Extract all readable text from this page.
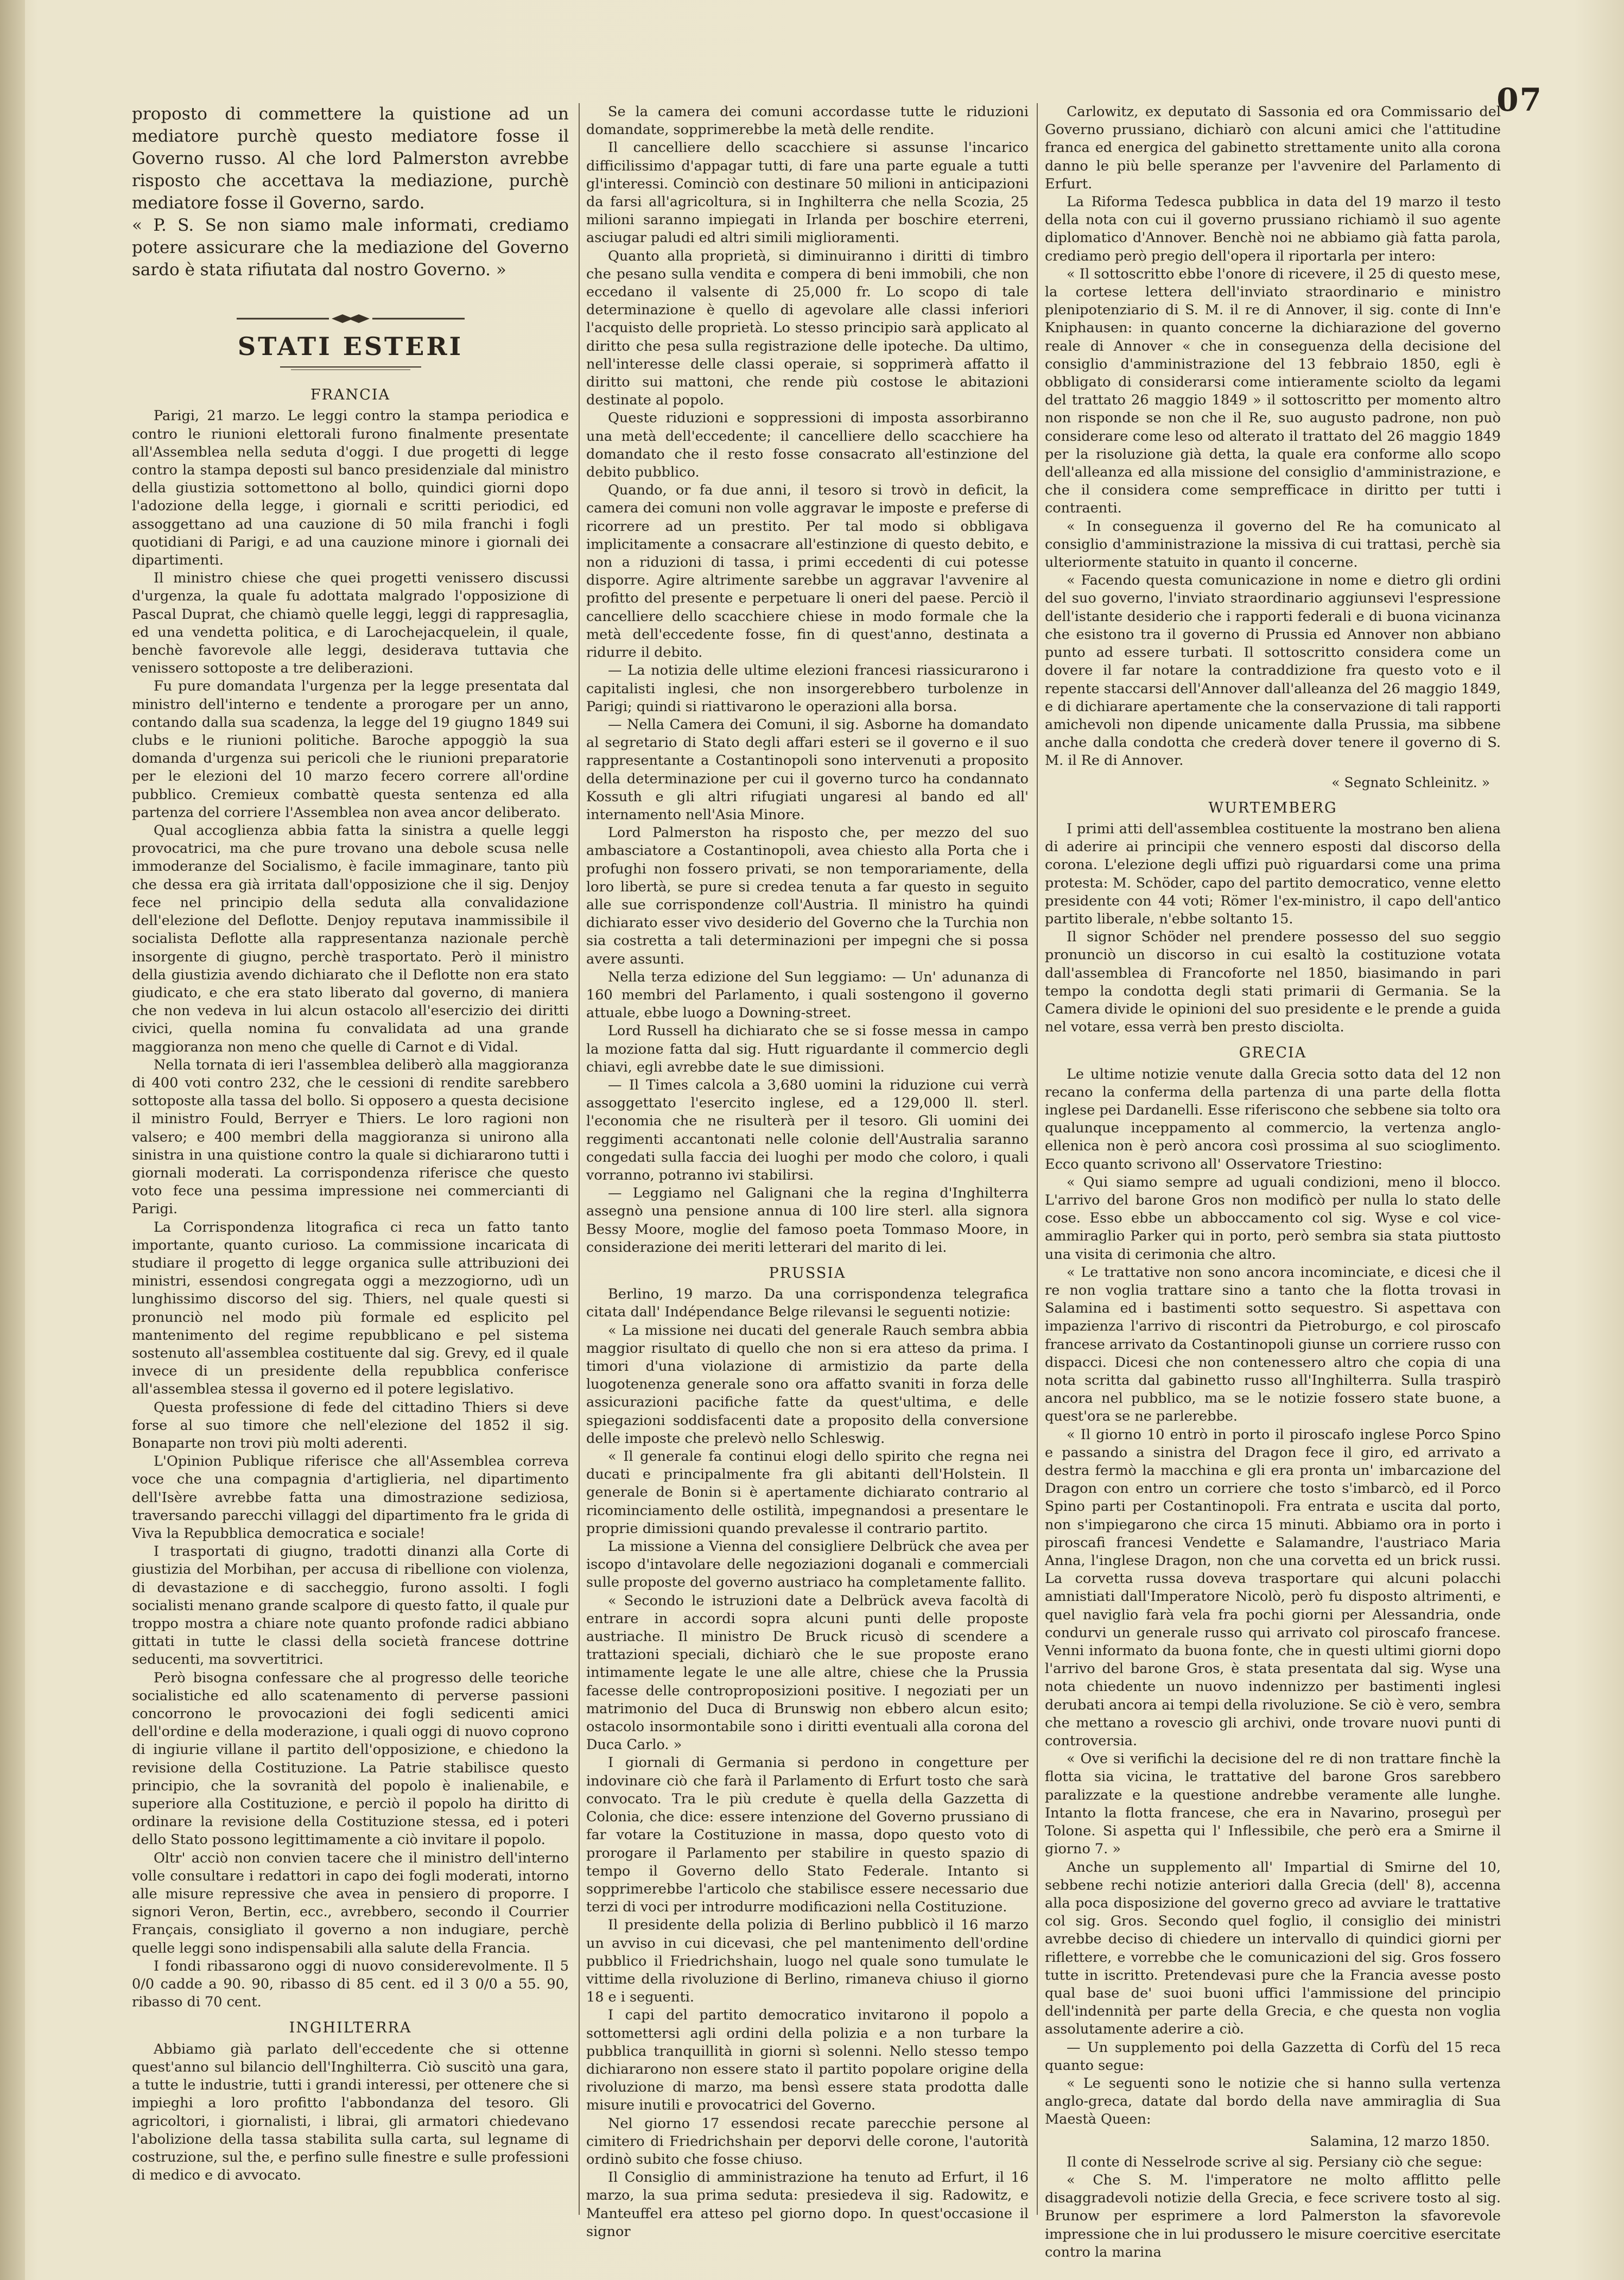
07

proposto di commettere la quistione ad un mediatore purchè questo mediatore fosse il Governo russo. Al che lord Palmerston avrebbe risposto che accettava la mediazione, purchè mediatore fosse il Governo, sardo.

« P. S. Se non siamo male informati, crediamo potere assicurare che la mediazione del Governo sardo è stata rifiutata dal nostro Governo. »

STATI ESTERI
FRANCIA

Parigi, 21 marzo. Le leggi contro la stampa periodica e contro le riunioni elettorali furono finalmente presentate all'Assemblea nella seduta d'oggi. I due progetti di legge contro la stampa deposti sul banco presidenziale dal ministro della giustizia sottomettono al bollo, quindici giorni dopo l'adozione della legge, i giornali e scritti periodici, ed assoggettano ad una cauzione di 50 mila franchi i fogli quotidiani di Parigi, e ad una cauzione minore i giornali dei dipartimenti.

Il ministro chiese che quei progetti venissero discussi d'urgenza, la quale fu adottata malgrado l'opposizione di Pascal Duprat, che chiamò quelle leggi, leggi di rappresaglia, ed una vendetta politica, e di Larochejacquelein, il quale, benchè favorevole alle leggi, desiderava tuttavia che venissero sottoposte a tre deliberazioni.

Fu pure domandata l'urgenza per la legge presentata dal ministro dell'interno e tendente a prorogare per un anno, contando dalla sua scadenza, la legge del 19 giugno 1849 sui clubs e le riunioni politiche. Baroche appoggiò la sua domanda d'urgenza sui pericoli che le riunioni preparatorie per le elezioni del 10 marzo fecero correre all'ordine pubblico. Cremieux combattè questa sentenza ed alla partenza del corriere l'Assemblea non avea ancor deliberato.

Qual accoglienza abbia fatta la sinistra a quelle leggi provocatrici, ma che pure trovano una debole scusa nelle immoderanze del Socialismo, è facile immaginare, tanto più che dessa era già irritata dall'opposizione che il sig. Denjoy fece nel principio della seduta alla convalidazione dell'elezione del Deflotte. Denjoy reputava inammissibile il socialista Deflotte alla rappresentanza nazionale perchè insorgente di giugno, perchè trasportato. Però il ministro della giustizia avendo dichiarato che il Deflotte non era stato giudicato, e che era stato liberato dal governo, di maniera che non vedeva in lui alcun ostacolo all'esercizio dei diritti civici, quella nomina fu convalidata ad una grande maggioranza non meno che quelle di Carnot e di Vidal.

Nella tornata di ieri l'assemblea deliberò alla maggioranza di 400 voti contro 232, che le cessioni di rendite sarebbero sottoposte alla tassa del bollo. Si opposero a questa decisione il ministro Fould, Berryer e Thiers. Le loro ragioni non valsero; e 400 membri della maggioranza si unirono alla sinistra in una quistione contro la quale si dichiararono tutti i giornali moderati. La corrispondenza riferisce che questo voto fece una pessima impressione nei commercianti di Parigi.

La Corrispondenza litografica ci reca un fatto tanto importante, quanto curioso. La commissione incaricata di studiare il progetto di legge organica sulle attribuzioni dei ministri, essendosi congregata oggi a mezzogiorno, udì un lunghissimo discorso del sig. Thiers, nel quale questi si pronunciò nel modo più formale ed esplicito pel mantenimento del regime repubblicano e pel sistema sostenuto all'assemblea costituente dal sig. Grevy, ed il quale invece di un presidente della repubblica conferisce all'assemblea stessa il governo ed il potere legislativo.

Questa professione di fede del cittadino Thiers si deve forse al suo timore che nell'elezione del 1852 il sig. Bonaparte non trovi più molti aderenti.

L'Opinion Publique riferisce che all'Assemblea correva voce che una compagnia d'artiglieria, nel dipartimento dell'Isère avrebbe fatta una dimostrazione sediziosa, traversando parecchi villaggi del dipartimento fra le grida di Viva la Repubblica democratica e sociale!

I trasportati di giugno, tradotti dinanzi alla Corte di giustizia del Morbihan, per accusa di ribellione con violenza, di devastazione e di saccheggio, furono assolti. I fogli socialisti menano grande scalpore di questo fatto, il quale pur troppo mostra a chiare note quanto profonde radici abbiano gittati in tutte le classi della società francese dottrine seducenti, ma sovvertitrici.

Però bisogna confessare che al progresso delle teoriche socialistiche ed allo scatenamento di perverse passioni concorrono le provocazioni dei fogli sedicenti amici dell'ordine e della moderazione, i quali oggi di nuovo coprono di ingiurie villane il partito dell'opposizione, e chiedono la revisione della Costituzione. La Patrie stabilisce questo principio, che la sovranità del popolo è inalienabile, e superiore alla Costituzione, e perciò il popolo ha diritto di ordinare la revisione della Costituzione stessa, ed i poteri dello Stato possono legittimamente a ciò invitare il popolo.

Oltr' acciò non convien tacere che il ministro dell'interno volle consultare i redattori in capo dei fogli moderati, intorno alle misure repressive che avea in pensiero di proporre. I signori Veron, Bertin, ecc., avrebbero, secondo il Courrier Français, consigliato il governo a non indugiare, perchè quelle leggi sono indispensabili alla salute della Francia.

I fondi ribassarono oggi di nuovo considerevolmente. Il 5 0/0 cadde a 90. 90, ribasso di 85 cent. ed il 3 0/0 a 55. 90, ribasso di 70 cent.

INGHILTERRA

Abbiamo già parlato dell'eccedente che si ottenne quest'anno sul bilancio dell'Inghilterra. Ciò suscitò una gara, a tutte le industrie, tutti i grandi interessi, per ottenere che si impieghi a loro profitto l'abbondanza del tesoro. Gli agricoltori, i giornalisti, i librai, gli armatori chiedevano l'abolizione della tassa stabilita sulla carta, sul legname di costruzione, sul the, e perfino sulle finestre e sulle professioni di medico e di avvocato.

Se la camera dei comuni accordasse tutte le riduzioni domandate, sopprimerebbe la metà delle rendite.

Il cancelliere dello scacchiere si assunse l'incarico difficilissimo d'appagar tutti, di fare una parte eguale a tutti gl'interessi. Cominciò con destinare 50 milioni in anticipazioni da farsi all'agricoltura, si in Inghilterra che nella Scozia, 25 milioni saranno impiegati in Irlanda per boschire eterreni, asciugar paludi ed altri simili miglioramenti.

Quanto alla proprietà, si diminuiranno i diritti di timbro che pesano sulla vendita e compera di beni immobili, che non eccedano il valsente di 25,000 fr. Lo scopo di tale determinazione è quello di agevolare alle classi inferiori l'acquisto delle proprietà. Lo stesso principio sarà applicato al diritto che pesa sulla registrazione delle ipoteche. Da ultimo, nell'interesse delle classi operaie, si sopprimerà affatto il diritto sui mattoni, che rende più costose le abitazioni destinate al popolo.

Queste riduzioni e soppressioni di imposta assorbiranno una metà dell'eccedente; il cancelliere dello scacchiere ha domandato che il resto fosse consacrato all'estinzione del debito pubblico.

Quando, or fa due anni, il tesoro si trovò in deficit, la camera dei comuni non volle aggravar le imposte e preferse di ricorrere ad un prestito. Per tal modo si obbligava implicitamente a consacrare all'estinzione di questo debito, e non a riduzioni di tassa, i primi eccedenti di cui potesse disporre. Agire altrimente sarebbe un aggravar l'avvenire al profitto del presente e perpetuare li oneri del paese. Perciò il cancelliere dello scacchiere chiese in modo formale che la metà dell'eccedente fosse, fin di quest'anno, destinata a ridurre il debito.

— La notizia delle ultime elezioni francesi riassicurarono i capitalisti inglesi, che non insorgerebbero turbolenze in Parigi; quindi si riattivarono le operazioni alla borsa.

— Nella Camera dei Comuni, il sig. Asborne ha domandato al segretario di Stato degli affari esteri se il governo e il suo rappresentante a Costantinopoli sono intervenuti a proposito della determinazione per cui il governo turco ha condannato Kossuth e gli altri rifugiati ungaresi al bando ed all' internamento nell'Asia Minore.

Lord Palmerston ha risposto che, per mezzo del suo ambasciatore a Costantinopoli, avea chiesto alla Porta che i profughi non fossero privati, se non temporariamente, della loro libertà, se pure si credea tenuta a far questo in seguito alle sue corrispondenze coll'Austria. Il ministro ha quindi dichiarato esser vivo desiderio del Governo che la Turchia non sia costretta a tali determinazioni per impegni che si possa avere assunti.

Nella terza edizione del Sun leggiamo: — Un' adunanza di 160 membri del Parlamento, i quali sostengono il governo attuale, ebbe luogo a Downing-street.

Lord Russell ha dichiarato che se si fosse messa in campo la mozione fatta dal sig. Hutt riguardante il commercio degli chiavi, egli avrebbe date le sue dimissioni.

— Il Times calcola a 3,680 uomini la riduzione cui verrà assoggettato l'esercito inglese, ed a 129,000 ll. sterl. l'economia che ne risulterà per il tesoro. Gli uomini dei reggimenti accantonati nelle colonie dell'Australia saranno congedati sulla faccia dei luoghi per modo che coloro, i quali vorranno, potranno ivi stabilirsi.

— Leggiamo nel Galignani che la regina d'Inghilterra assegnò una pensione annua di 100 lire sterl. alla signora Bessy Moore, moglie del famoso poeta Tommaso Moore, in considerazione dei meriti letterari del marito di lei.

PRUSSIA

Berlino, 19 marzo. Da una corrispondenza telegrafica citata dall' Indépendance Belge rilevansi le seguenti notizie:

« La missione nei ducati del generale Rauch sembra abbia maggior risultato di quello che non si era atteso da prima. I timori d'una violazione di armistizio da parte della luogotenenza generale sono ora affatto svaniti in forza delle assicurazioni pacifiche fatte da quest'ultima, e delle spiegazioni soddisfacenti date a proposito della conversione delle imposte che prelevò nello Schleswig.

« Il generale fa continui elogi dello spirito che regna nei ducati e principalmente fra gli abitanti dell'Holstein. Il generale de Bonin si è apertamente dichiarato contrario al ricominciamento delle ostilità, impegnandosi a presentare le proprie dimissioni quando prevalesse il contrario partito.

La missione a Vienna del consigliere Delbrück che avea per iscopo d'intavolare delle negoziazioni doganali e commerciali sulle proposte del governo austriaco ha completamente fallito.

« Secondo le istruzioni date a Delbrück aveva facoltà di entrare in accordi sopra alcuni punti delle proposte austriache. Il ministro De Bruck ricusò di scendere a trattazioni speciali, dichiarò che le sue proposte erano intimamente legate le une alle altre, chiese che la Prussia facesse delle controproposizioni positive. I negoziati per un matrimonio del Duca di Brunswig non ebbero alcun esito; ostacolo insormontabile sono i diritti eventuali alla corona del Duca Carlo. »

I giornali di Germania si perdono in congetture per indovinare ciò che farà il Parlamento di Erfurt tosto che sarà convocato. Tra le più credute è quella della Gazzetta di Colonia, che dice: essere intenzione del Governo prussiano di far votare la Costituzione in massa, dopo questo voto di prorogare il Parlamento per stabilire in questo spazio di tempo il Governo dello Stato Federale. Intanto si sopprimerebbe l'articolo che stabilisce essere necessario due terzi di voci per introdurre modificazioni nella Costituzione.

Il presidente della polizia di Berlino pubblicò il 16 marzo un avviso in cui dicevasi, che pel mantenimento dell'ordine pubblico il Friedrichshain, luogo nel quale sono tumulate le vittime della rivoluzione di Berlino, rimaneva chiuso il giorno 18 e i seguenti.

I capi del partito democratico invitarono il popolo a sottomettersi agli ordini della polizia e a non turbare la pubblica tranquillità in giorni sì solenni. Nello stesso tempo dichiararono non essere stato il partito popolare origine della rivoluzione di marzo, ma bensì essere stata prodotta dalle misure inutili e provocatrici del Governo.

Nel giorno 17 essendosi recate parecchie persone al cimitero di Friedrichshain per deporvi delle corone, l'autorità ordinò subito che fosse chiuso.

Il Consiglio di amministrazione ha tenuto ad Erfurt, il 16 marzo, la sua prima seduta: presiedeva il sig. Radowitz, e Manteuffel era atteso pel giorno dopo. In quest'occasione il signor

Carlowitz, ex deputato di Sassonia ed ora Commissario del Governo prussiano, dichiarò con alcuni amici che l'attitudine franca ed energica del gabinetto strettamente unito alla corona danno le più belle speranze per l'avvenire del Parlamento di Erfurt.

La Riforma Tedesca pubblica in data del 19 marzo il testo della nota con cui il governo prussiano richiamò il suo agente diplomatico d'Annover. Benchè noi ne abbiamo già fatta parola, crediamo però pregio dell'opera il riportarla per intero:

« Il sottoscritto ebbe l'onore di ricevere, il 25 di questo mese, la cortese lettera dell'inviato straordinario e ministro plenipotenziario di S. M. il re di Annover, il sig. conte di Inn'e Kniphausen: in quanto concerne la dichiarazione del governo reale di Annover « che in conseguenza della decisione del consiglio d'amministrazione del 13 febbraio 1850, egli è obbligato di considerarsi come intieramente sciolto da legami del trattato 26 maggio 1849 » il sottoscritto per momento altro non risponde se non che il Re, suo augusto padrone, non può considerare come leso od alterato il trattato del 26 maggio 1849 per la risoluzione già detta, la quale era conforme allo scopo dell'alleanza ed alla missione del consiglio d'amministrazione, e che il considera come semprefficace in diritto per tutti i contraenti.

« In conseguenza il governo del Re ha comunicato al consiglio d'amministrazione la missiva di cui trattasi, perchè sia ulteriormente statuito in quanto il concerne.

« Facendo questa comunicazione in nome e dietro gli ordini del suo governo, l'inviato straordinario aggiunsevi l'espressione dell'istante desiderio che i rapporti federali e di buona vicinanza che esistono tra il governo di Prussia ed Annover non abbiano punto ad essere turbati. Il sottoscritto considera come un dovere il far notare la contraddizione fra questo voto e il repente staccarsi dell'Annover dall'alleanza del 26 maggio 1849, e di dichiarare apertamente che la conservazione di tali rapporti amichevoli non dipende unicamente dalla Prussia, ma sibbene anche dalla condotta che crederà dover tenere il governo di S. M. il Re di Annover.

« Segnato Schleinitz. »
WURTEMBERG

I primi atti dell'assemblea costituente la mostrano ben aliena di aderire ai principii che vennero esposti dal discorso della corona. L'elezione degli uffizi può riguardarsi come una prima protesta: M. Schöder, capo del partito democratico, venne eletto presidente con 44 voti; Römer l'ex-ministro, il capo dell'antico partito liberale, n'ebbe soltanto 15.

Il signor Schöder nel prendere possesso del suo seggio pronunciò un discorso in cui esaltò la costituzione votata dall'assemblea di Francoforte nel 1850, biasimando in pari tempo la condotta degli stati primarii di Germania. Se la Camera divide le opinioni del suo presidente e le prende a guida nel votare, essa verrà ben presto disciolta.

GRECIA

Le ultime notizie venute dalla Grecia sotto data del 12 non recano la conferma della partenza di una parte della flotta inglese pei Dardanelli. Esse riferiscono che sebbene sia tolto ora qualunque inceppamento al commercio, la vertenza anglo-ellenica non è però ancora così prossima al suo scioglimento. Ecco quanto scrivono all' Osservatore Triestino:

« Qui siamo sempre ad uguali condizioni, meno il blocco. L'arrivo del barone Gros non modificò per nulla lo stato delle cose. Esso ebbe un abboccamento col sig. Wyse e col vice-ammiraglio Parker qui in porto, però sembra sia stata piuttosto una visita di cerimonia che altro.

« Le trattative non sono ancora incominciate, e dicesi che il re non voglia trattare sino a tanto che la flotta trovasi in Salamina ed i bastimenti sotto sequestro. Si aspettava con impazienza l'arrivo di riscontri da Pietroburgo, e col piroscafo francese arrivato da Costantinopoli giunse un corriere russo con dispacci. Dicesi che non contenessero altro che copia di una nota scritta dal gabinetto russo all'Inghilterra. Sulla traspirò ancora nel pubblico, ma se le notizie fossero state buone, a quest'ora se ne parlerebbe.

« Il giorno 10 entrò in porto il piroscafo inglese Porco Spino e passando a sinistra del Dragon fece il giro, ed arrivato a destra fermò la macchina e gli era pronta un' imbarcazione del Dragon con entro un corriere che tosto s'imbarcò, ed il Porco Spino parti per Costantinopoli. Fra entrata e uscita dal porto, non s'impiegarono che circa 15 minuti. Abbiamo ora in porto i piroscafi francesi Vendette e Salamandre, l'austriaco Maria Anna, l'inglese Dragon, non che una corvetta ed un brick russi. La corvetta russa doveva trasportare qui alcuni polacchi amnistiati dall'Imperatore Nicolò, però fu disposto altrimenti, e quel naviglio farà vela fra pochi giorni per Alessandria, onde condurvi un generale russo qui arrivato col piroscafo francese. Venni informato da buona fonte, che in questi ultimi giorni dopo l'arrivo del barone Gros, è stata presentata dal sig. Wyse una nota chiedente un nuovo indennizzo per bastimenti inglesi derubati ancora ai tempi della rivoluzione. Se ciò è vero, sembra che mettano a rovescio gli archivi, onde trovare nuovi punti di controversia.

« Ove si verifichi la decisione del re di non trattare finchè la flotta sia vicina, le trattative del barone Gros sarebbero paralizzate e la questione andrebbe veramente alle lunghe. Intanto la flotta francese, che era in Navarino, proseguì per Tolone. Si aspetta qui l' Inflessibile, che però era a Smirne il giorno 7. »

Anche un supplemento all' Impartial di Smirne del 10, sebbene rechi notizie anteriori dalla Grecia (dell' 8), accenna alla poca disposizione del governo greco ad avviare le trattative col sig. Gros. Secondo quel foglio, il consiglio dei ministri avrebbe deciso di chiedere un intervallo di quindici giorni per riflettere, e vorrebbe che le comunicazioni del sig. Gros fossero tutte in iscritto. Pretendevasi pure che la Francia avesse posto qual base de' suoi buoni uffici l'ammissione del principio dell'indennità per parte della Grecia, e che questa non voglia assolutamente aderire a ciò.

— Un supplemento poi della Gazzetta di Corfù del 15 reca quanto segue:

« Le seguenti sono le notizie che si hanno sulla vertenza anglo-greca, datate dal bordo della nave ammiraglia di Sua Maestà Queen:

Salamina, 12 marzo 1850.

Il conte di Nesselrode scrive al sig. Persiany ciò che segue:

« Che S. M. l'imperatore ne molto afflitto pelle disaggradevoli notizie della Grecia, e fece scrivere tosto al sig. Brunow per esprimere a lord Palmerston la sfavorevole impressione che in lui produssero le misure coercitive esercitate contro la marina
